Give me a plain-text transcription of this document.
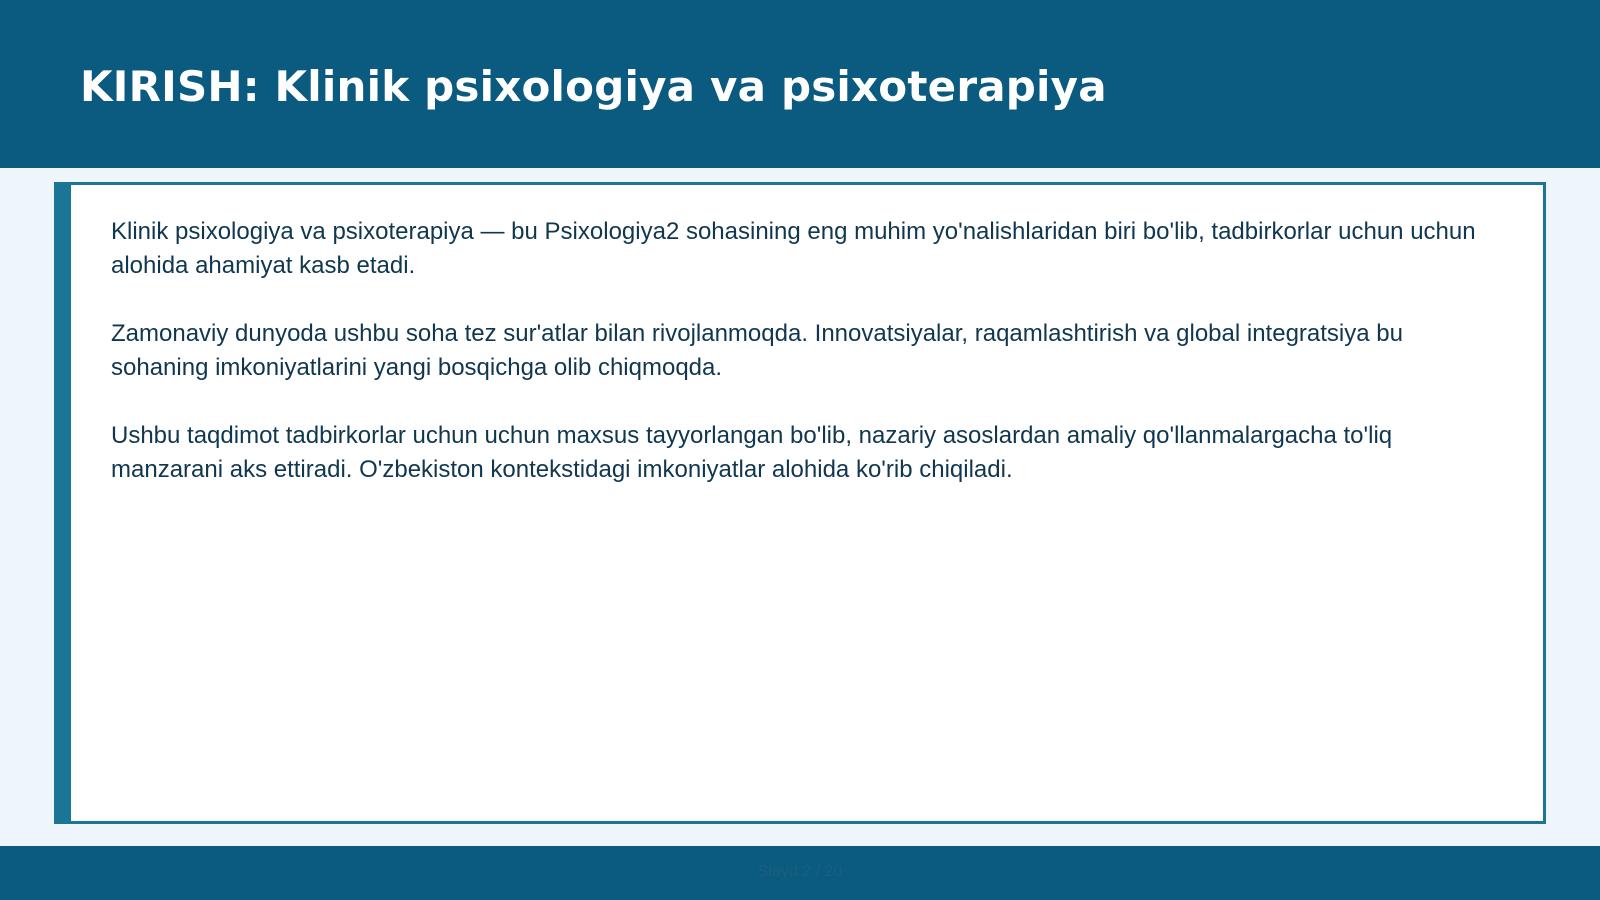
KIRISH: Klinik psixologiya va psixoterapiya

Klinik psixologiya va psixoterapiya — bu Psixologiya2 sohasining eng muhim yo'nalishlaridan biri bo'lib, tadbirkorlar uchun uchun alohida ahamiyat kasb etadi.

Zamonaviy dunyoda ushbu soha tez sur'atlar bilan rivojlanmoqda. Innovatsiyalar, raqamlashtirish va global integratsiya bu sohaning imkoniyatlarini yangi bosqichga olib chiqmoqda.

Ushbu taqdimot tadbirkorlar uchun uchun maxsus tayyorlangan bo'lib, nazariy asoslardan amaliy qo'llanmalargacha to'liq manzarani aks ettiradi. O'zbekiston kontekstidagi imkoniyatlar alohida ko'rib chiqiladi.

Slayd 2 / 20
